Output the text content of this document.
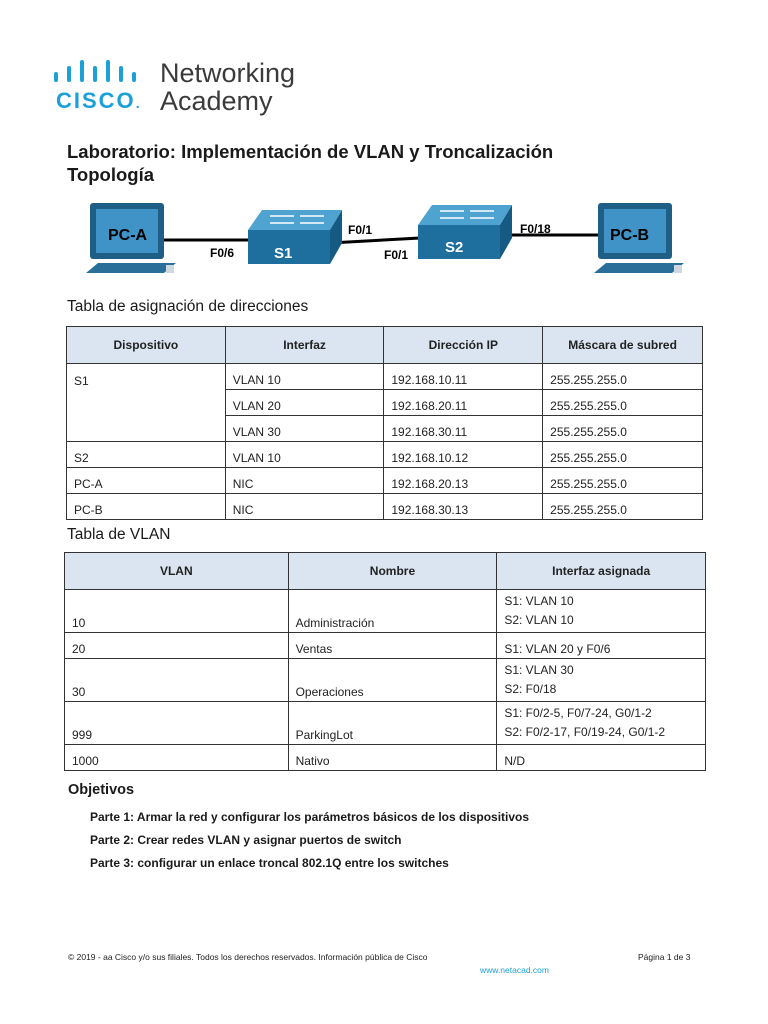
CISCO.
Networking
Academy
Laboratorio: Implementación de VLAN y Troncalización
Topología
PC-A
S1	S2
PC-B
F0/6
F0/1
F0/1
F0/18
Tabla de asignación de direcciones
Dispositivo	Interfaz	Dirección IP	Máscara de subred
S1	VLAN 10	192.168.10.11	255.255.255.0
	VLAN 20	192.168.20.11	255.255.255.0
	VLAN 30	192.168.30.11	255.255.255.0
S2	VLAN 10	192.168.10.12	255.255.255.0
PC-A	NIC	192.168.20.13	255.255.255.0
PC-B	NIC	192.168.30.13	255.255.255.0
Tabla de VLAN
VLAN	Nombre	Interfaz asignada
10	Administración	S1: VLAN 10
S2: VLAN 10

20	Ventas	S1: VLAN 20 y F0/6
30	Operaciones	S1: VLAN 30
S2: F0/18

999	ParkingLot	S1: F0/2-5, F0/7-24, G0/1-2
S2: F0/2-17, F0/19-24, G0/1-2

1000	Nativo	N/D
Objetivos
Parte 1: Armar la red y configurar los parámetros básicos de los dispositivos
Parte 2: Crear redes VLAN y asignar puertos de switch
Parte 3: configurar un enlace troncal 802.1Q entre los switches
© 2019 - aa Cisco y/o sus filiales. Todos los derechos reservados. Información pública de Cisco	Página 1 de 3
www.netacad.com
